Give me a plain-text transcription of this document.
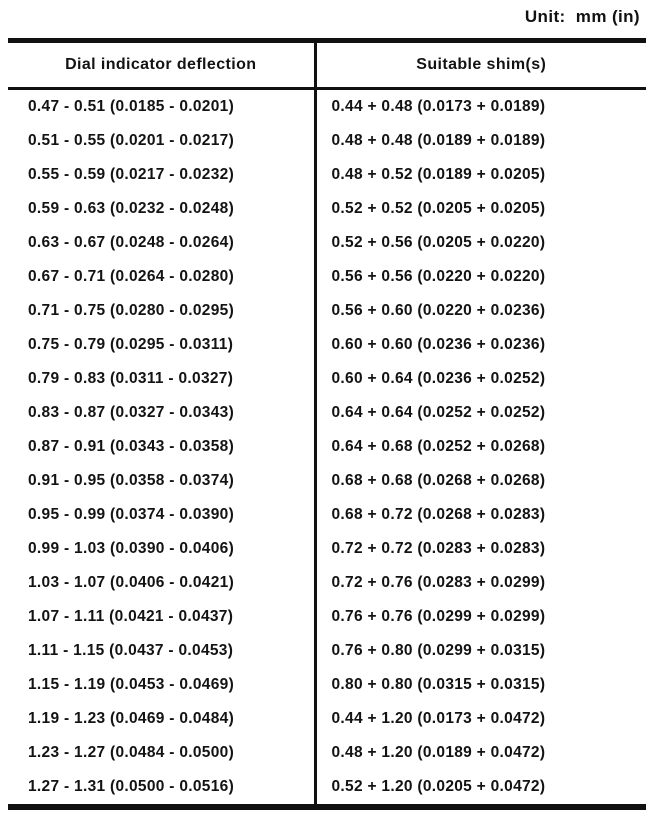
Unit:  mm (in)
Dial indicator deflection	Suitable shim(s)
0.47 - 0.51 (0.0185 - 0.0201)	0.44 + 0.48 (0.0173 + 0.0189)
0.51 - 0.55 (0.0201 - 0.0217)	0.48 + 0.48 (0.0189 + 0.0189)
0.55 - 0.59 (0.0217 - 0.0232)	0.48 + 0.52 (0.0189 + 0.0205)
0.59 - 0.63 (0.0232 - 0.0248)	0.52 + 0.52 (0.0205 + 0.0205)
0.63 - 0.67 (0.0248 - 0.0264)	0.52 + 0.56 (0.0205 + 0.0220)
0.67 - 0.71 (0.0264 - 0.0280)	0.56 + 0.56 (0.0220 + 0.0220)
0.71 - 0.75 (0.0280 - 0.0295)	0.56 + 0.60 (0.0220 + 0.0236)
0.75 - 0.79 (0.0295 - 0.0311)	0.60 + 0.60 (0.0236 + 0.0236)
0.79 - 0.83 (0.0311 - 0.0327)	0.60 + 0.64 (0.0236 + 0.0252)
0.83 - 0.87 (0.0327 - 0.0343)	0.64 + 0.64 (0.0252 + 0.0252)
0.87 - 0.91 (0.0343 - 0.0358)	0.64 + 0.68 (0.0252 + 0.0268)
0.91 - 0.95 (0.0358 - 0.0374)	0.68 + 0.68 (0.0268 + 0.0268)
0.95 - 0.99 (0.0374 - 0.0390)	0.68 + 0.72 (0.0268 + 0.0283)
0.99 - 1.03 (0.0390 - 0.0406)	0.72 + 0.72 (0.0283 + 0.0283)
1.03 - 1.07 (0.0406 - 0.0421)	0.72 + 0.76 (0.0283 + 0.0299)
1.07 - 1.11 (0.0421 - 0.0437)	0.76 + 0.76 (0.0299 + 0.0299)
1.11 - 1.15 (0.0437 - 0.0453)	0.76 + 0.80 (0.0299 + 0.0315)
1.15 - 1.19 (0.0453 - 0.0469)	0.80 + 0.80 (0.0315 + 0.0315)
1.19 - 1.23 (0.0469 - 0.0484)	0.44 + 1.20 (0.0173 + 0.0472)
1.23 - 1.27 (0.0484 - 0.0500)	0.48 + 1.20 (0.0189 + 0.0472)
1.27 - 1.31 (0.0500 - 0.0516)	0.52 + 1.20 (0.0205 + 0.0472)
